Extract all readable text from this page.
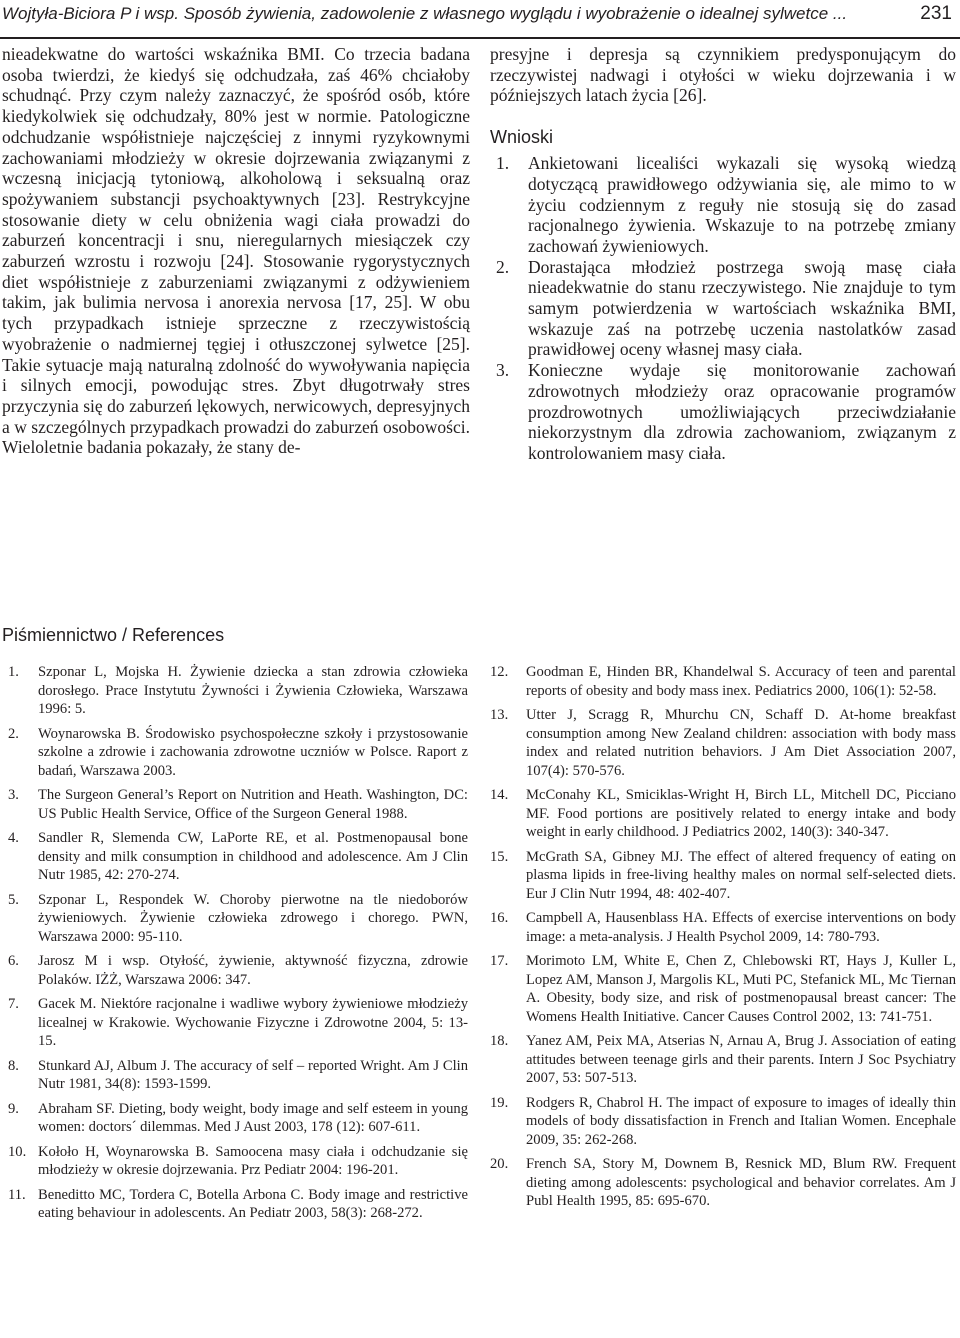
Wojtyła-Biciora P i wsp. Sposób żywienia, zadowolenie z własnego wyglądu i wyobrażenie o idealnej sylwetce ...	231

nieadekwatne do wartości wskaźnika BMI. Co trzecia badana osoba twierdzi, że kiedyś się odchudzała, zaś 46% chciałoby schudnąć. Przy czym należy zaznaczyć, że spośród osób, które kiedykolwiek się odchudzały, 80% jest w normie. Patologiczne odchudzanie współistnieje najczęściej z innymi ryzykownymi zachowaniami młodzieży w okresie dojrzewania związanymi z wczesną inicjacją tytoniową, alkoholową i seksualną oraz spożywaniem substancji psychoaktywnych [23]. Restrykcyjne stosowanie diety w celu obniżenia wagi ciała prowadzi do zaburzeń koncentracji i snu, nieregularnych miesiączek czy zaburzeń wzrostu i rozwoju [24]. Stosowanie rygorystycznych diet współistnieje z zaburzeniami związanymi z odżywieniem takim, jak bulimia nervosa i anorexia nervosa [17, 25]. W obu tych przypadkach istnieje sprzeczne z rzeczywistością wyobrażenie o nadmiernej tęgiej i otłuszczonej sylwetce [25]. Takie sytuacje mają naturalną zdolność do wywoływania napięcia i silnych emocji, powodując stres. Zbyt długotrwały stres przyczynia się do zaburzeń lękowych, nerwicowych, depresyjnych a w szczególnych przypadkach prowadzi do zaburzeń osobowości. Wieloletnie badania pokazały, że stany de-

presyjne i depresja są czynnikiem predysponującym do rzeczywistej nadwagi i otyłości w wieku dojrzewania i w późniejszych latach życia [26].

Wnioski
1. Ankietowani licealiści wykazali się wysoką wiedzą dotyczącą prawidłowego odżywiania się, ale mimo to w życiu codziennym z reguły nie stosują się do zasad racjonalnego żywienia. Wskazuje to na potrzebę zmiany zachowań żywieniowych.
2. Dorastająca młodzież postrzega swoją masę ciała nieadekwatnie do stanu rzeczywistego. Nie znajduje to tym samym potwierdzenia w wartościach wskaźnika BMI, wskazuje zaś na potrzebę uczenia nastolatków zasad prawidłowej oceny własnej masy ciała.
3. Konieczne wydaje się monitorowanie zachowań zdrowotnych młodzieży oraz opracowanie programów prozdrowotnych umożliwiających przeciwdziałanie niekorzystnym dla zdrowia zachowaniom, związanym z kontrolowaniem masy ciała.
Piśmiennictwo / References
1. Szponar L, Mojska H. Żywienie dziecka a stan zdrowia człowieka dorosłego. Prace Instytutu Żywności i Żywienia Człowieka, Warszawa 1996: 5.
2. Woynarowska B. Środowisko psychospołeczne szkoły i przystosowanie szkolne a zdrowie i zachowania zdrowotne uczniów w Polsce. Raport z badań, Warszawa 2003.
3. The Surgeon General’s Report on Nutrition and Heath. Washington, DC: US Public Health Service, Office of the Surgeon General 1988.
4. Sandler R, Slemenda CW, LaPorte RE, et al. Postmenopausal bone density and milk consumption in childhood and adolescence. Am J Clin Nutr 1985, 42: 270-274.
5. Szponar L, Respondek W. Choroby pierwotne na tle niedoborów żywieniowych. Żywienie człowieka zdrowego i chorego. PWN, Warszawa 2000: 95-110.
6. Jarosz M i wsp. Otyłość, żywienie, aktywność fizyczna, zdrowie Polaków. IŻŻ, Warszawa 2006: 347.
7. Gacek M. Niektóre racjonalne i wadliwe wybory żywieniowe młodzieży licealnej w Krakowie. Wychowanie Fizyczne i Zdrowotne 2004, 5: 13-15.
8. Stunkard AJ, Album J. The accuracy of self – reported Wright. Am J Clin Nutr 1981, 34(8): 1593-1599.
9. Abraham SF. Dieting, body weight, body image and self esteem in young women: doctors´ dilemmas. Med J Aust 2003, 178 (12): 607-611.
10. Kołoło H, Woynarowska B. Samoocena masy ciała i odchudzanie się młodzieży w okresie dojrzewania. Prz Pediatr 2004: 196-201.
11. Beneditto MC, Tordera C, Botella Arbona C. Body image and restrictive eating behaviour in adolescents. An Pediatr 2003, 58(3): 268-272.
12. Goodman E, Hinden BR, Khandelwal S. Accuracy of teen and parental reports of obesity and body mass inex. Pediatrics 2000, 106(1): 52-58.
13. Utter J, Scragg R, Mhurchu CN, Schaff D. At-home breakfast consumption among New Zealand children: association with body mass index and related nutrition behaviors. J Am Diet Association 2007, 107(4): 570-576.
14. McConahy KL, Smiciklas-Wright H, Birch LL, Mitchell DC, Picciano MF. Food portions are positively related to energy intake and body weight in early childhood. J Pediatrics 2002, 140(3): 340-347.
15. McGrath SA, Gibney MJ. The effect of altered frequency of eating on plasma lipids in free-living healthy males on normal self-selected diets. Eur J Clin Nutr 1994, 48: 402-407.
16. Campbell A, Hausenblass HA. Effects of exercise interventions on body image: a meta-analysis. J Health Psychol 2009, 14: 780-793.
17. Morimoto LM, White E, Chen Z, Chlebowski RT, Hays J, Kuller L, Lopez AM, Manson J, Margolis KL, Muti PC, Stefanick ML, Mc Tiernan A. Obesity, body size, and risk of postmenopausal breast cancer: The Womens Health Initiative. Cancer Causes Control 2002, 13: 741-751.
18. Yanez AM, Peix MA, Atserias N, Arnau A, Brug J. Association of eating attitudes between teenage girls and their parents. Intern J Soc Psychiatry 2007, 53: 507-513.
19. Rodgers R, Chabrol H. The impact of exposure to images of ideally thin models of body dissatisfaction in French and Italian Women. Encephale 2009, 35: 262-268.
20. French SA, Story M, Downem B, Resnick MD, Blum RW. Frequent dieting among adolescents: psychological and behavior correlates. Am J Publ Health 1995, 85: 695-670.
